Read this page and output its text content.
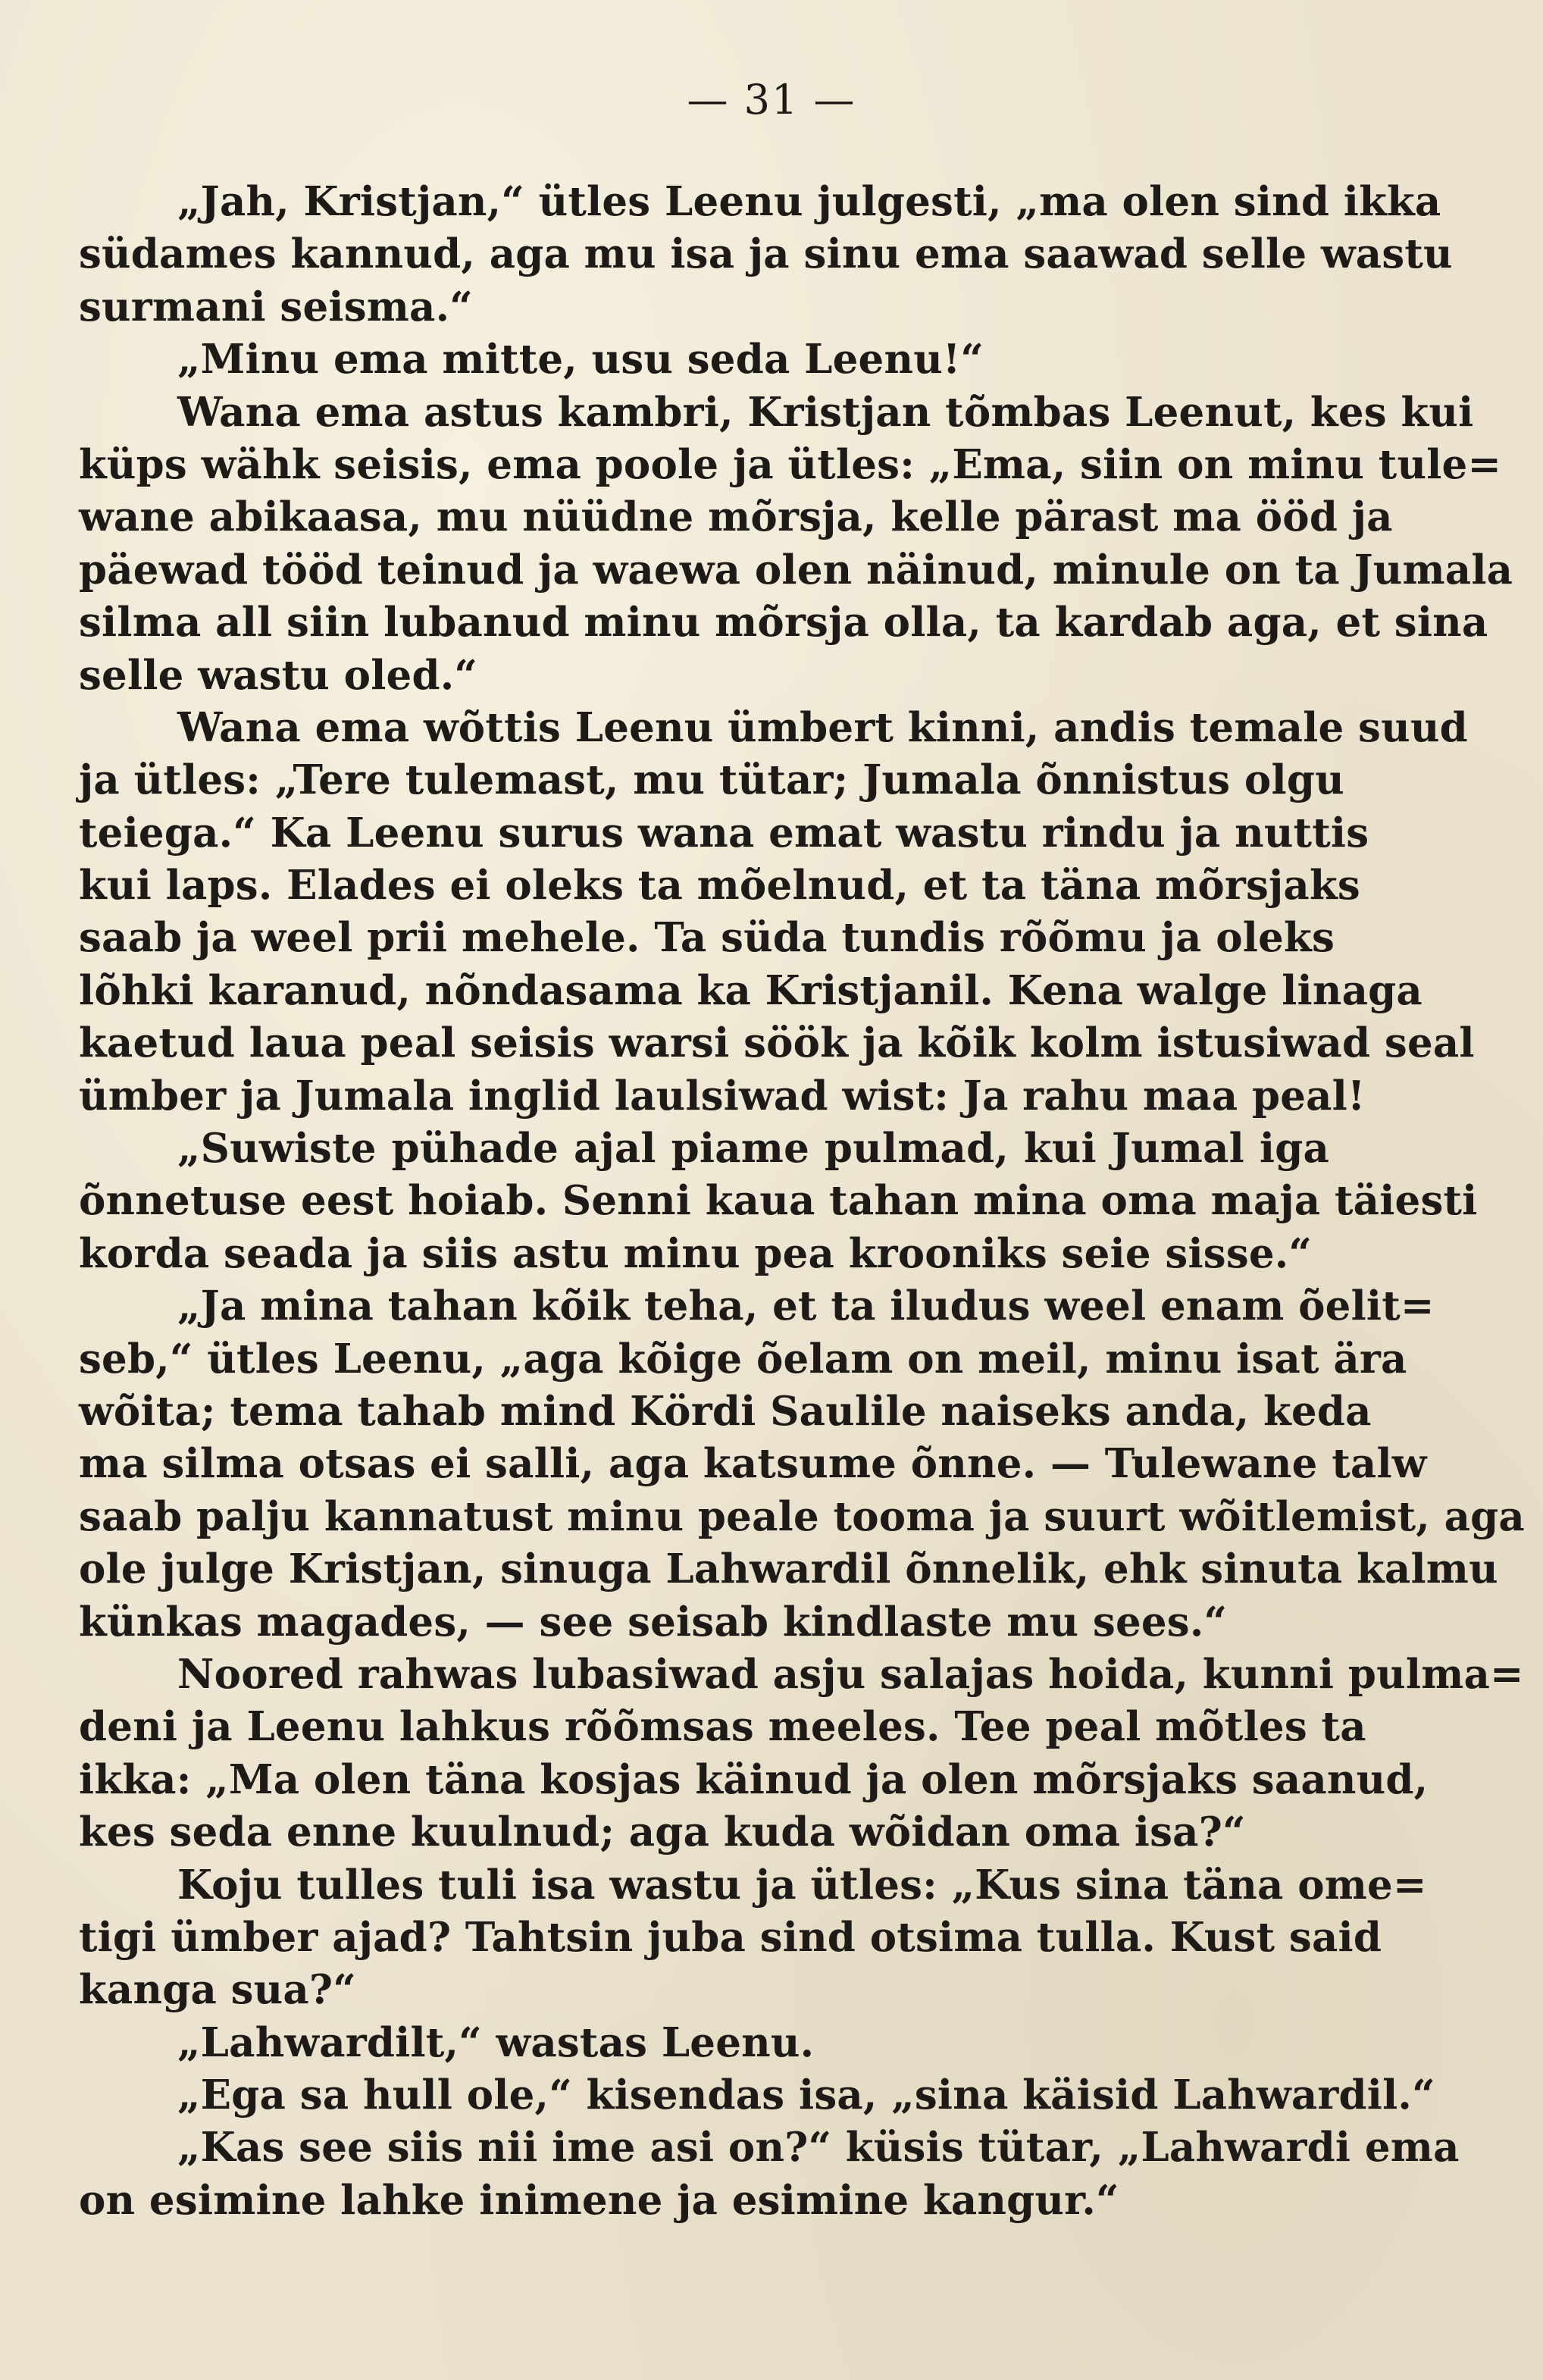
— 31 —
„Jah, Kristjan,“ ütles Leenu julgesti, „ma olen sind ikka
südames kannud, aga mu isa ja sinu ema saawad selle wastu
surmani seisma.“
„Minu ema mitte, usu seda Leenu!“
Wana ema astus kambri, Kristjan tõmbas Leenut, kes kui
küps wähk seisis, ema poole ja ütles: „Ema, siin on minu tule=
wane abikaasa, mu nüüdne mõrsja, kelle pärast ma ööd ja
päewad tööd teinud ja waewa olen näinud, minule on ta Jumala
silma all siin lubanud minu mõrsja olla, ta kardab aga, et sina
selle wastu oled.“
Wana ema wõttis Leenu ümbert kinni, andis temale suud
ja ütles: „Tere tulemast, mu tütar; Jumala õnnistus olgu
teiega.“ Ka Leenu surus wana emat wastu rindu ja nuttis
kui laps. Elades ei oleks ta mõelnud, et ta täna mõrsjaks
saab ja weel prii mehele. Ta süda tundis rõõmu ja oleks
lõhki karanud, nõndasama ka Kristjanil. Kena walge linaga
kaetud laua peal seisis warsi söök ja kõik kolm istusiwad seal
ümber ja Jumala inglid laulsiwad wist: Ja rahu maa peal!
„Suwiste pühade ajal piame pulmad, kui Jumal iga
õnnetuse eest hoiab. Senni kaua tahan mina oma maja täiesti
korda seada ja siis astu minu pea krooniks seie sisse.“
„Ja mina tahan kõik teha, et ta iludus weel enam õelit=
seb,“ ütles Leenu, „aga kõige õelam on meil, minu isat ära
wõita; tema tahab mind Kördi Saulile naiseks anda, keda
ma silma otsas ei salli, aga katsume õnne. — Tulewane talw
saab palju kannatust minu peale tooma ja suurt wõitlemist, aga
ole julge Kristjan, sinuga Lahwardil õnnelik, ehk sinuta kalmu
künkas magades, — see seisab kindlaste mu sees.“
Noored rahwas lubasiwad asju salajas hoida, kunni pulma=
deni ja Leenu lahkus rõõmsas meeles. Tee peal mõtles ta
ikka: „Ma olen täna kosjas käinud ja olen mõrsjaks saanud,
kes seda enne kuulnud; aga kuda wõidan oma isa?“
Koju tulles tuli isa wastu ja ütles: „Kus sina täna ome=
tigi ümber ajad? Tahtsin juba sind otsima tulla. Kust said
kanga sua?“
„Lahwardilt,“ wastas Leenu.
„Ega sa hull ole,“ kisendas isa, „sina käisid Lahwardil.“
„Kas see siis nii ime asi on?“ küsis tütar, „Lahwardi ema
on esimine lahke inimene ja esimine kangur.“
